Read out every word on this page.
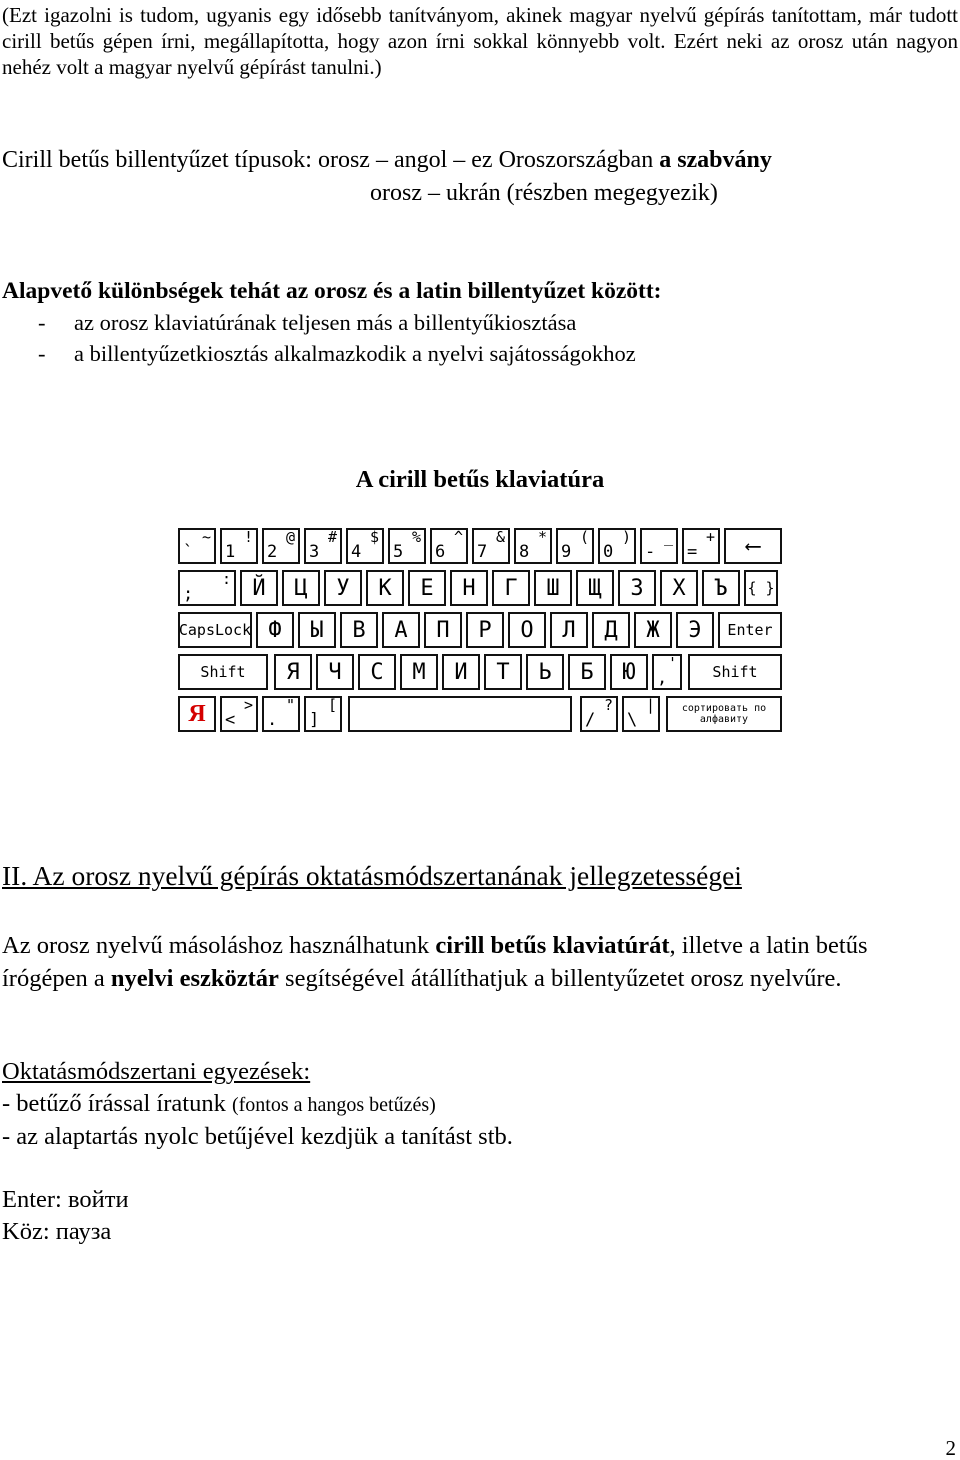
(Ezt igazolni is tudom, ugyanis egy idősebb tanítványom, akinek magyar nyelvű gépírás tanítottam, már tudott cirill betűs gépen írni, megállapította, hogy azon írni sokkal könnyebb volt. Ezért neki az orosz után nagyon nehéz volt a magyar nyelvű gépírást tanulni.)

Cirill betűs billentyűzet típusok: orosz – angol – ez Oroszországban a szabvány

orosz – ukrán (részben megegyezik)

Alapvető különbségek tehát az orosz és a latin billentyűzet között:

- az orosz klaviatúrának teljesen más a billentyűkiosztása

- a billentyűzetkiosztás alkalmazkodik a nyelvi sajátosságokhoz

A cirill betűs klaviatúra

`
~
1
!
2
@
3
#
4
$
5
%
6
^
7
&
8
*
9
(
0
)
-
_
=
+ ⟵
;
: Й Ц У К Е Н Г Ш Щ З Х Ъ { }
CapsLock Ф Ы В А П Р О Л Д Ж Э Enter
Shift Я Ч С М И Т Ь Б Ю ,
' Shift
Я <
>
.
"
]
[
/
?
\
|	сортировать по алфавиту

II. Az orosz nyelvű gépírás oktatásmódszertanának jellegzetességei

Az orosz nyelvű másoláshoz használhatunk cirill betűs klaviatúrát, illetve a latin betűs írógépen a nyelvi eszköztár segítségével átállíthatjuk a billentyűzetet orosz nyelvűre.

Oktatásmódszertani egyezések:

- betűző írással íratunk (fontos a hangos betűzés)

- az alaptartás nyolc betűjével kezdjük a tanítást stb.

Enter: войти

Köz: пауза

2
